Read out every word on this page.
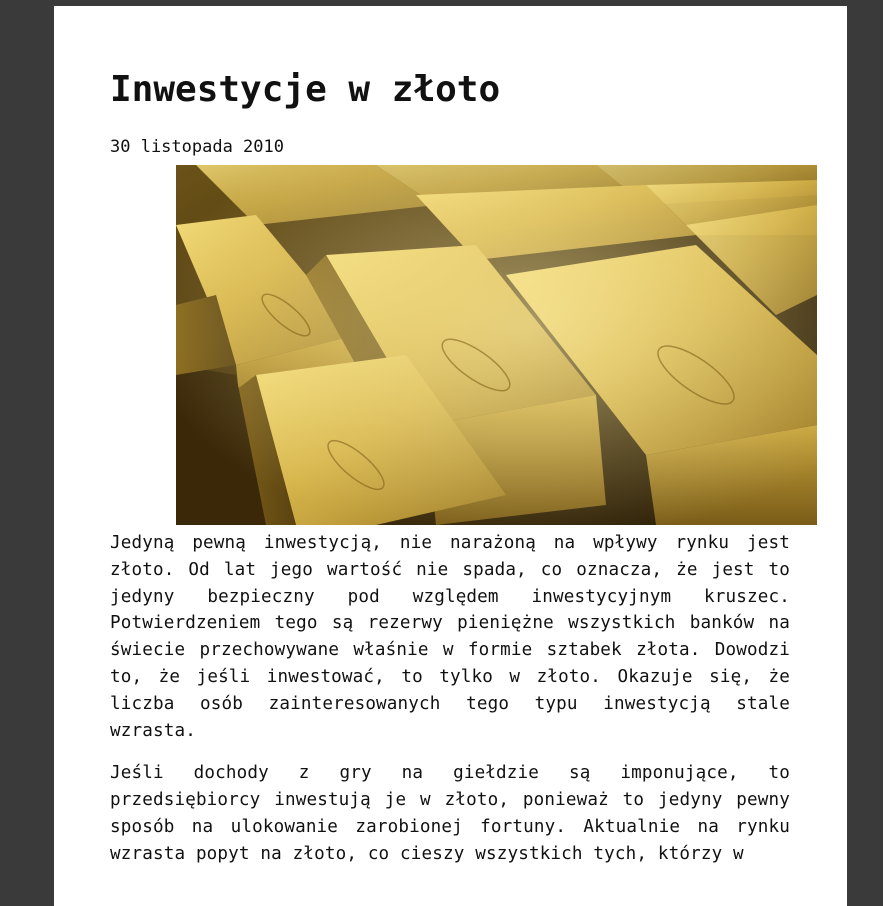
Inwestycje w złoto
30 listopada 2010

Jedyną pewną inwestycją, nie narażoną na wpływy rynku jest złoto. Od lat jego wartość nie spada, co oznacza, że jest to jedyny bezpieczny pod względem inwestycyjnym kruszec. Potwierdzeniem tego są rezerwy pieniężne wszystkich banków na świecie przechowywane właśnie w formie sztabek złota. Dowodzi to, że jeśli inwestować, to tylko w złoto. Okazuje się, że liczba osób zainteresowanych tego typu inwestycją stale wzrasta.

Jeśli dochody z gry na giełdzie są imponujące, to przedsiębiorcy inwestują je w złoto, ponieważ to jedyny pewny sposób na ulokowanie zarobionej fortuny. Aktualnie na rynku wzrasta popyt na złoto, co cieszy wszystkich tych, którzy w
